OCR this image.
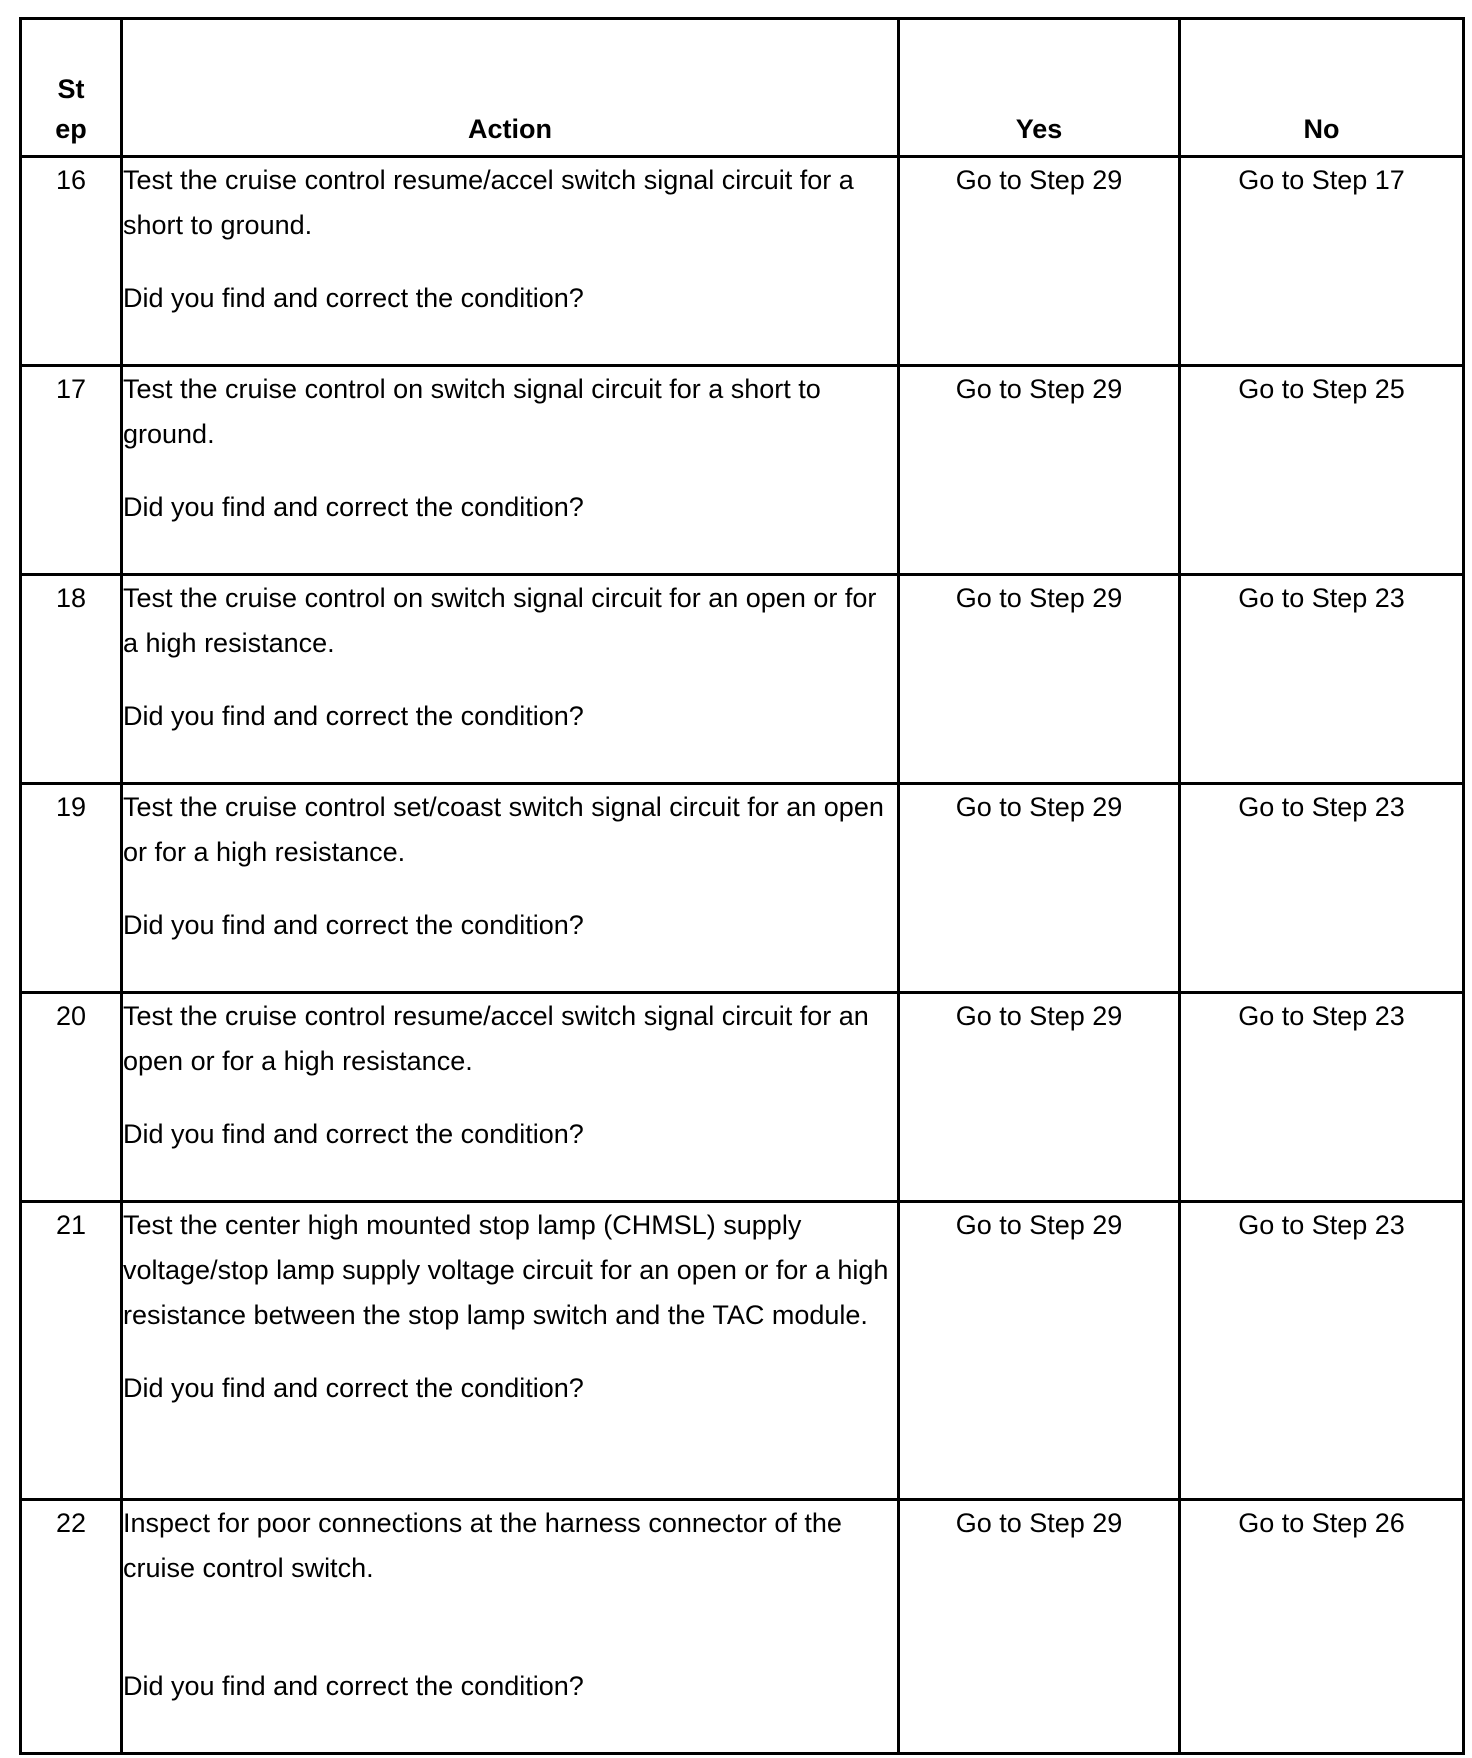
St
ep	Action	Yes	No
16	Test the cruise control resume/accel switch signal circuit for a short to ground.

Did you find and correct the condition?	Go to Step 29	Go to Step 17
17	Test the cruise control on switch signal circuit for a short to ground.

Did you find and correct the condition?	Go to Step 29	Go to Step 25
18	Test the cruise control on switch signal circuit for an open or for a high resistance.

Did you find and correct the condition?	Go to Step 29	Go to Step 23
19	Test the cruise control set/coast switch signal circuit for an open or for a high resistance.

Did you find and correct the condition?	Go to Step 29	Go to Step 23
20	Test the cruise control resume/accel switch signal circuit for an open or for a high resistance.

Did you find and correct the condition?	Go to Step 29	Go to Step 23
21	Test the center high mounted stop lamp (CHMSL) supply voltage/stop lamp supply voltage circuit for an open or for a high resistance between the stop lamp switch and the TAC module.

Did you find and correct the condition?	Go to Step 29	Go to Step 23
22	Inspect for poor connections at the harness connector of the cruise control switch.

Did you find and correct the condition?	Go to Step 29	Go to Step 26
